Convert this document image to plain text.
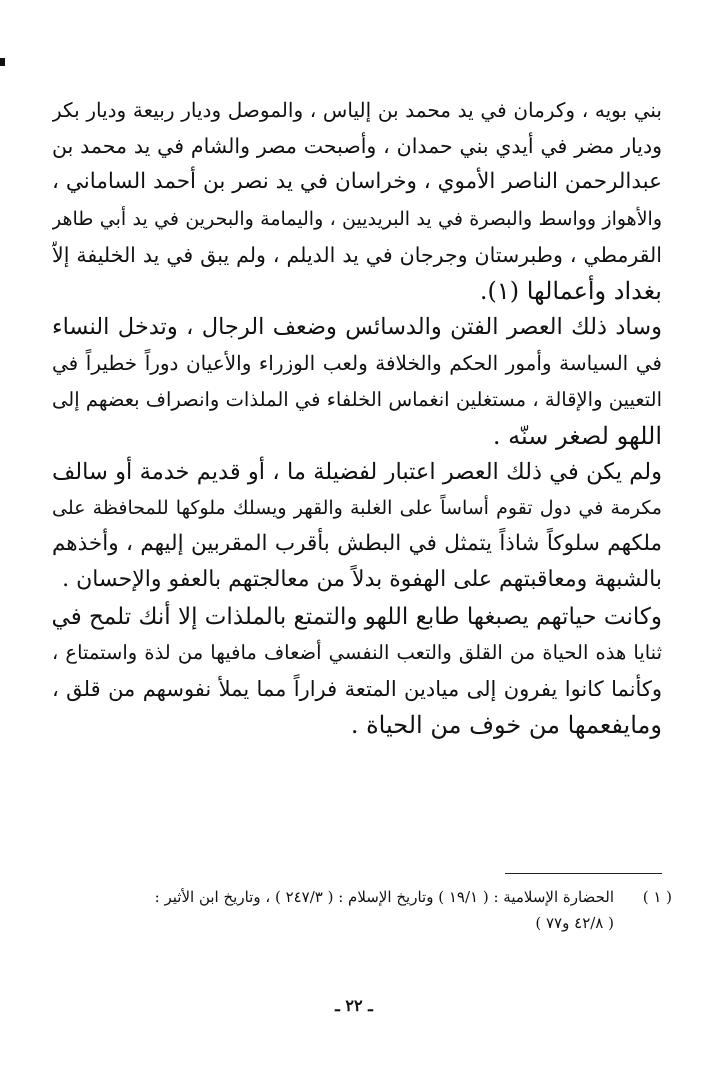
بني بويه ، وكرمان في يد محمد بن إلياس ، والموصل وديار ربيعة وديار بكر
وديار مضر في أيدي بني حمدان ، وأصبحت مصر والشام في يد محمد بن
عبدالرحمن الناصر الأموي ، وخراسان في يد نصر بن أحمد الساماني ،
والأهواز وواسط والبصرة في يد البريديين ، واليمامة والبحرين في يد أبي طاهر
القرمطي ، وطبرستان وجرجان في يد الديلم ، ولم يبق في يد الخليفة إلاّ
بغداد وأعمالها (١).
وساد ذلك العصر الفتن والدسائس وضعف الرجال ، وتدخل النساء
في السياسة وأمور الحكم والخلافة ولعب الوزراء والأعيان دوراً خطيراً في
التعيين والإقالة ، مستغلين انغماس الخلفاء في الملذات وانصراف بعضهم إلى
اللهو لصغر سنّه .
ولم يكن في ذلك العصر اعتبار لفضيلة ما ، أو قديم خدمة أو سالف
مكرمة في دول تقوم أساساً على الغلبة والقهر ويسلك ملوكها للمحافظة على
ملكهم سلوكاً شاذاً يتمثل في البطش بأقرب المقربين إليهم ، وأخذهم
بالشبهة ومعاقبتهم على الهفوة بدلاً من معالجتهم بالعفو والإحسان .
وكانت حياتهم يصبغها طابع اللهو والتمتع بالملذات إلا أنك تلمح في
ثنايا هذه الحياة من القلق والتعب النفسي أضعاف مافيها من لذة واستمتاع ،
وكأنما كانوا يفرون إلى ميادين المتعة فراراً مما يملأ نفوسهم من قلق ،
ومايفعمها من خوف من الحياة .
( ١ )
الحضارة الإسلامية : ( ١٩/١ ) وتاريخ الإسلام : ( ٢٤٧/٣ ) ، وتاريخ ابن الأثير :
( ٤٢/٨ و٧٧ )
ـ ٢٢ ـ
